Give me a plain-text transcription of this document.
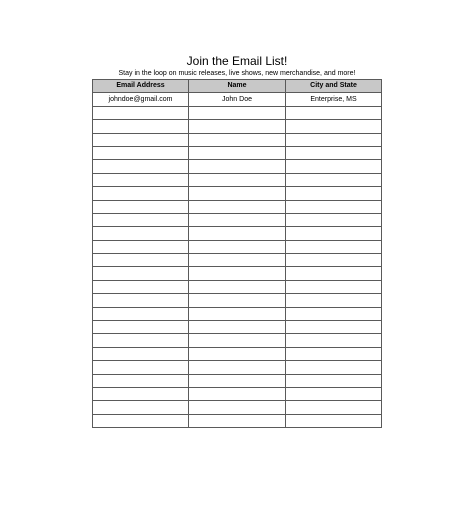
Join the Email List!
Stay in the loop on music releases, live shows, new merchandise, and more!
Email Address	Name	City and State
johndoe@gmail.com	John Doe	Enterprise, MS
